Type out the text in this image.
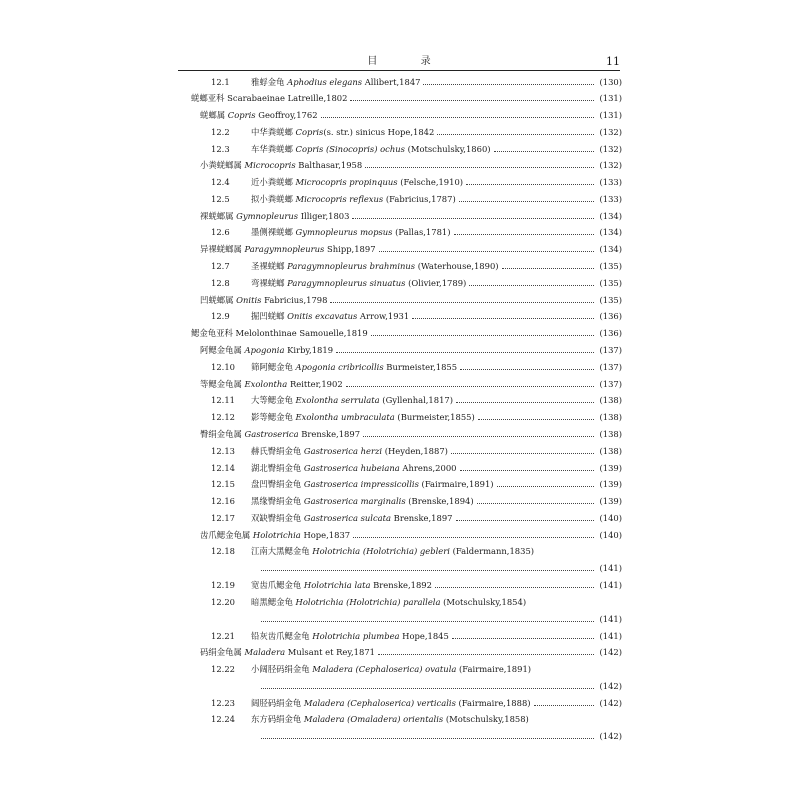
目 录	11
12.1	雅蜉金龟 Aphodius elegans Allibert,1847	(130)
蜣螂亚科 Scarabaeinae Latreille,1802	(131)
蜣螂属 Copris Geoffroy,1762	(131)
12.2	中华粪蜣螂 Copris(s. str.) sinicus Hope,1842	(132)
12.3	车华粪蜣螂 Copris (Sinocopris) ochus (Motschulsky,1860)	(132)
小粪蜣螂属 Microcopris Balthasar,1958	(132)
12.4	近小粪蜣螂 Microcopris propinquus (Felsche,1910)	(133)
12.5	拟小粪蜣螂 Microcopris reflexus (Fabricius,1787)	(133)
裸蜣螂属 Gymnopleurus Illiger,1803	(134)
12.6	墨侧裸蜣螂 Gymnopleurus mopsus (Pallas,1781)	(134)
异裸蜣螂属 Paragymnopleurus Shipp,1897	(134)
12.7	圣裸蜣螂 Paragymnopleurus brahminus (Waterhouse,1890)	(135)
12.8	弯裸蜣螂 Paragymnopleurus sinuatus (Olivier,1789)	(135)
凹蜣螂属 Onitis Fabricius,1798	(135)
12.9	掘凹蜣螂 Onitis excavatus Arrow,1931	(136)
鳃金龟亚科 Melolonthinae Samouelle,1819	(136)
阿鳃金龟属 Apogonia Kirby,1819	(137)
12.10 筛阿鳃金龟 Apogonia cribricollis Burmeister,1855	(137)
等鳃金龟属 Exolontha Reitter,1902	(137)
12.11 大等鳃金龟 Exolontha serrulata (Gyllenhal,1817)	(138)
12.12 影等鳃金龟 Exolontha umbraculata (Burmeister,1855)	(138)
臀绢金龟属 Gastroserica Brenske,1897	(138)
12.13 赫氏臀绢金龟 Gastroserica herzi (Heyden,1887)	(138)
12.14 湖北臀绢金龟 Gastroserica hubeiana Ahrens,2000	(139)
12.15 盘凹臀绢金龟 Gastroserica impressicollis (Fairmaire,1891)	(139)
12.16 黑缘臀绢金龟 Gastroserica marginalis (Brenske,1894)	(139)
12.17 双缺臀绢金龟 Gastroserica sulcata Brenske,1897	(140)
齿爪鳃金龟属 Holotrichia Hope,1837	(140)
12.18 江南大黑鳃金龟 Holotrichia (Holotrichia) gebleri (Faldermann,1835)
(141)
12.19 宽齿爪鳃金龟 Holotrichia lata Brenske,1892	(141)
12.20 暗黑鳃金龟 Holotrichia (Holotrichia) parallela (Motschulsky,1854)
(141)
12.21 铅灰齿爪鳃金龟 Holotrichia plumbea Hope,1845	(141)
码绢金龟属 Maladera Mulsant et Rey,1871	(142)
12.22 小阔胫码绢金龟 Maladera (Cephaloserica) ovatula (Fairmaire,1891)
(142)
12.23 阔胫码绢金龟 Maladera (Cephaloserica) verticalis (Fairmaire,1888)	(142)
12.24 东方码绢金龟 Maladera (Omaladera) orientalis (Motschulsky,1858)
(142)
